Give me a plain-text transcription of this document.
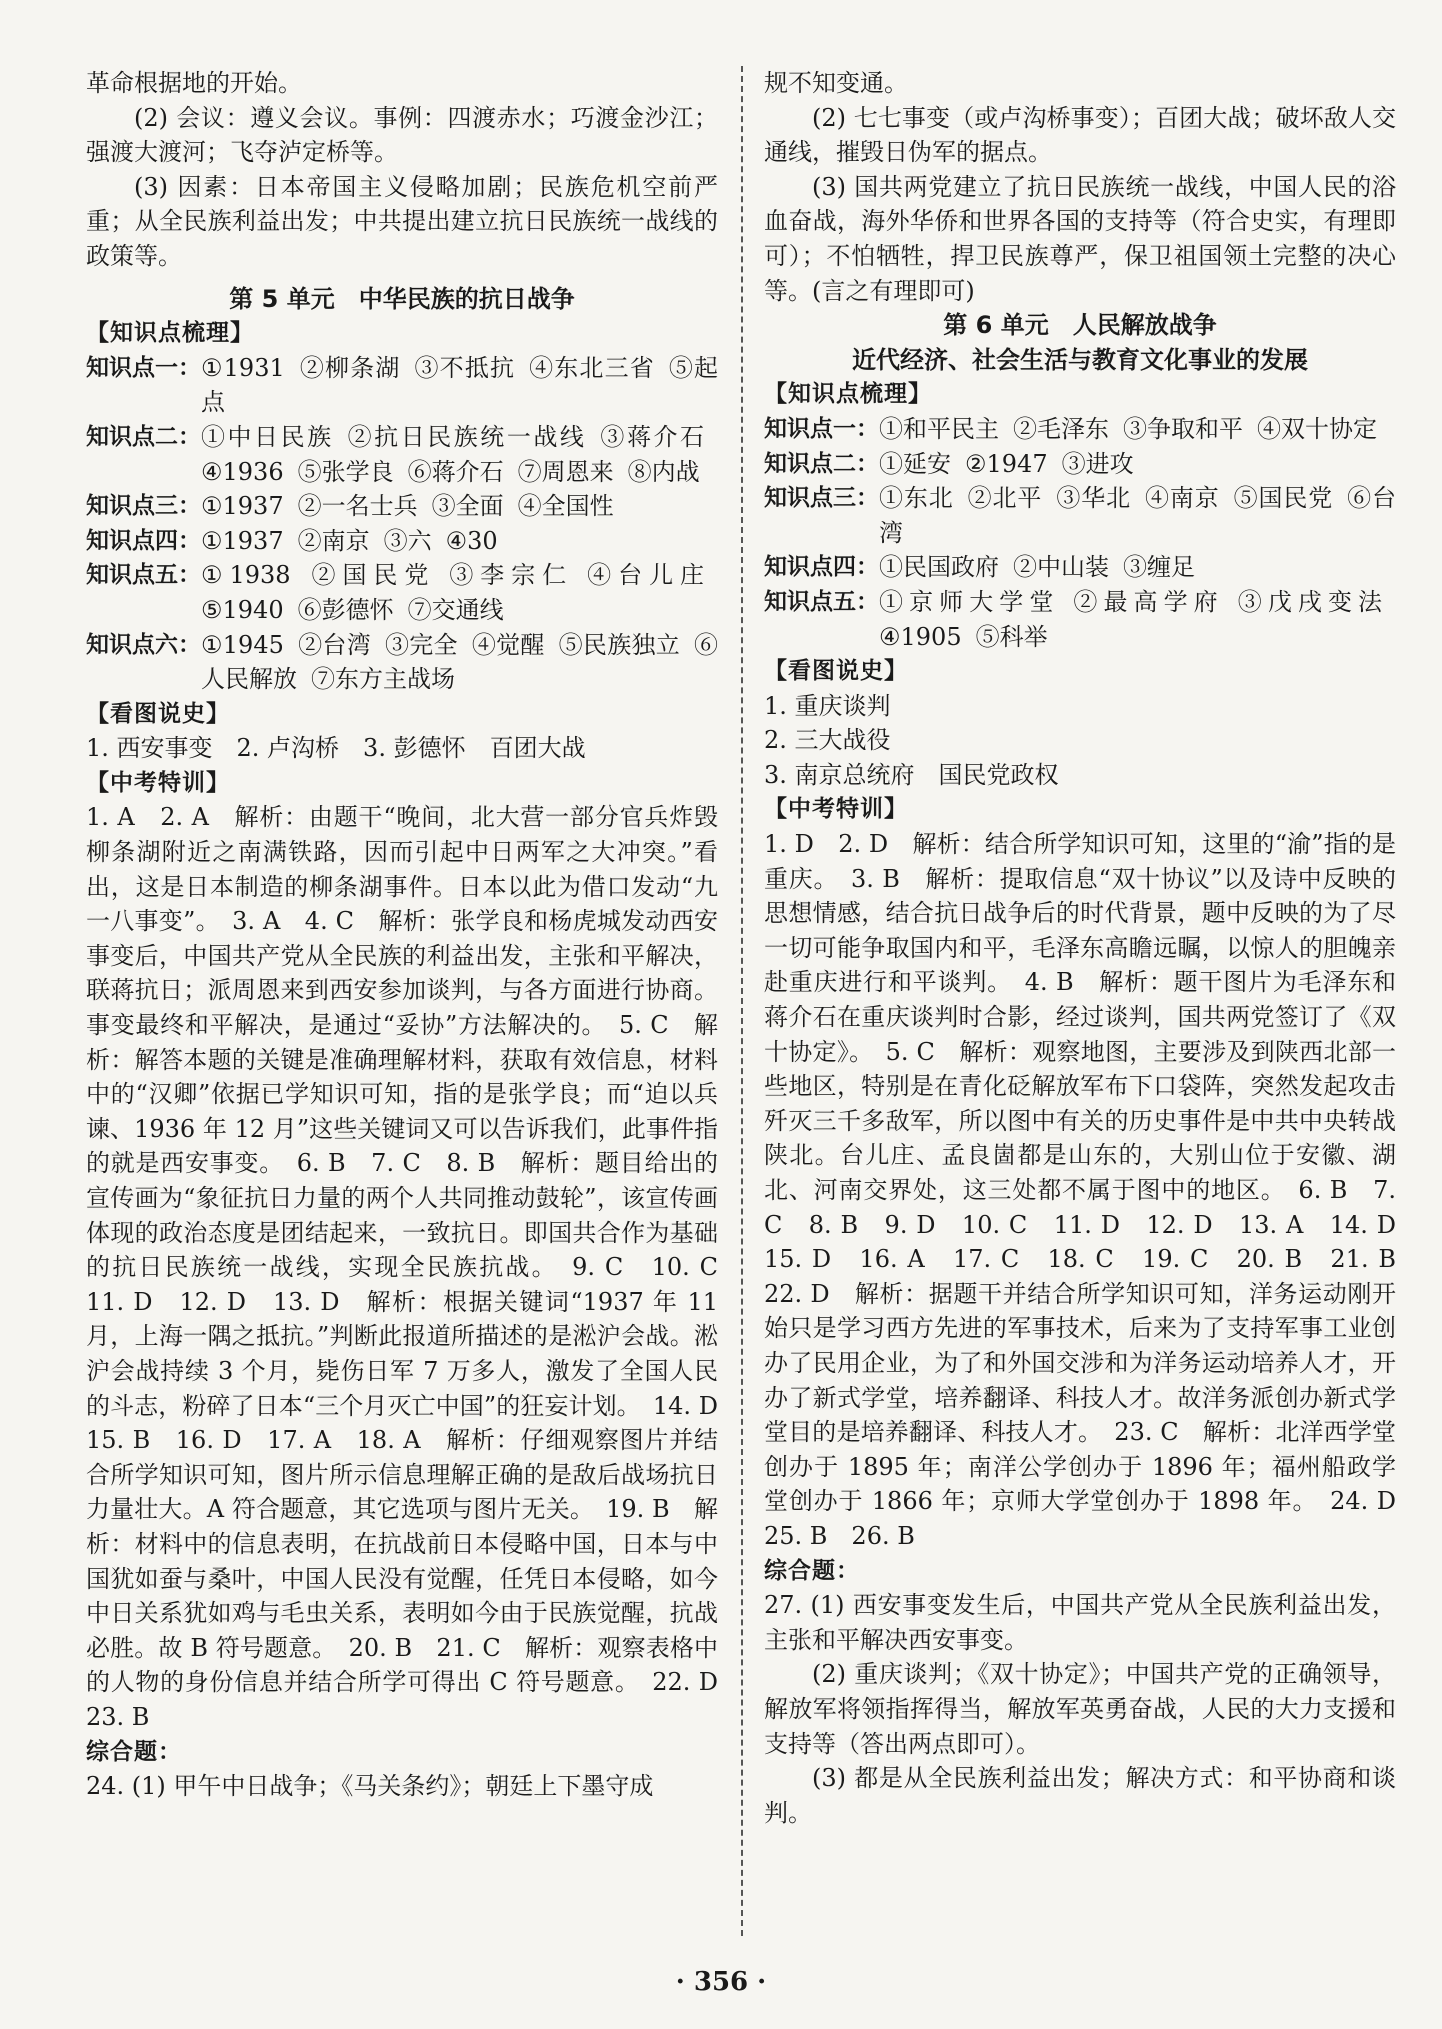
革命根据地的开始。
(2) 会议：遵义会议。事例：四渡赤水；巧渡金沙江；强渡大渡河；飞夺泸定桥等。
(3) 因素：日本帝国主义侵略加剧；民族危机空前严重；从全民族利益出发；中共提出建立抗日民族统一战线的政策等。
第 5 单元　中华民族的抗日战争
【知识点梳理】
知识点一： ①1931 ②柳条湖 ③不抵抗 ④东北三省 ⑤起点
知识点二： ①中日民族 ②抗日民族统一战线 ③蒋介石④1936 ⑤张学良 ⑥蒋介石 ⑦周恩来 ⑧内战
知识点三： ①1937 ②一名士兵 ③全面 ④全国性
知识点四： ①1937 ②南京 ③六 ④30
知识点五： ①1938 ②国民党 ③李宗仁 ④台儿庄⑤1940 ⑥彭德怀 ⑦交通线
知识点六： ①1945 ②台湾 ③完全 ④觉醒 ⑤民族独立 ⑥人民解放 ⑦东方主战场
【看图说史】
1. 西安事变　2. 卢沟桥　3. 彭德怀　百团大战
【中考特训】
1. A　2. A　解析：由题干“晚间，北大营一部分官兵炸毁柳条湖附近之南满铁路，因而引起中日两军之大冲突。”看出，这是日本制造的柳条湖事件。日本以此为借口发动“九一八事变”。　3. A　4. C　解析：张学良和杨虎城发动西安事变后，中国共产党从全民族的利益出发，主张和平解决，联蒋抗日；派周恩来到西安参加谈判，与各方面进行协商。事变最终和平解决，是通过“妥协”方法解决的。　5. C　解析：解答本题的关键是准确理解材料，获取有效信息，材料中的“汉卿”依据已学知识可知，指的是张学良；而“迫以兵谏、1936 年 12 月”这些关键词又可以告诉我们，此事件指的就是西安事变。　6. B　7. C　8. B　解析：题目给出的宣传画为“象征抗日力量的两个人共同推动鼓轮”，该宣传画体现的政治态度是团结起来，一致抗日。即国共合作为基础的抗日民族统一战线，实现全民族抗战。　9. C　10. C　11. D　12. D　13. D　解析：根据关键词“1937 年 11 月，上海一隅之抵抗。”判断此报道所描述的是淞沪会战。淞沪会战持续 3 个月，毙伤日军 7 万多人，激发了全国人民的斗志，粉碎了日本“三个月灭亡中国”的狂妄计划。　14. D　15. B　16. D　17. A　18. A　解析：仔细观察图片并结合所学知识可知，图片所示信息理解正确的是敌后战场抗日力量壮大。A 符合题意，其它选项与图片无关。　19. B　解析：材料中的信息表明，在抗战前日本侵略中国，日本与中国犹如蚕与桑叶，中国人民没有觉醒，任凭日本侵略，如今中日关系犹如鸡与毛虫关系，表明如今由于民族觉醒，抗战必胜。故 B 符号题意。　20. B　21. C　解析：观察表格中的人物的身份信息并结合所学可得出 C 符号题意。　22. D　23. B
综合题：
24. (1) 甲午中日战争；《马关条约》；朝廷上下墨守成
规不知变通。
(2) 七七事变（或卢沟桥事变）；百团大战；破坏敌人交通线，摧毁日伪军的据点。
(3) 国共两党建立了抗日民族统一战线，中国人民的浴血奋战，海外华侨和世界各国的支持等（符合史实，有理即可）；不怕牺牲，捍卫民族尊严，保卫祖国领土完整的决心等。(言之有理即可)
第 6 单元　人民解放战争
近代经济、社会生活与教育文化事业的发展
【知识点梳理】
知识点一： ①和平民主 ②毛泽东 ③争取和平 ④双十协定
知识点二： ①延安 ②1947 ③进攻
知识点三： ①东北 ②北平 ③华北 ④南京 ⑤国民党 ⑥台湾
知识点四： ①民国政府 ②中山装 ③缠足
知识点五： ①京师大学堂 ②最高学府 ③戊戌变法④1905 ⑤科举
【看图说史】
1. 重庆谈判
2. 三大战役
3. 南京总统府　国民党政权
【中考特训】
1. D　2. D　解析：结合所学知识可知，这里的“渝”指的是重庆。　3. B　解析：提取信息“双十协议”以及诗中反映的思想情感，结合抗日战争后的时代背景，题中反映的为了尽一切可能争取国内和平，毛泽东高瞻远瞩，以惊人的胆魄亲赴重庆进行和平谈判。　4. B　解析：题干图片为毛泽东和蒋介石在重庆谈判时合影，经过谈判，国共两党签订了《双十协定》。　5. C　解析：观察地图，主要涉及到陕西北部一些地区，特别是在青化砭解放军布下口袋阵，突然发起攻击歼灭三千多敌军，所以图中有关的历史事件是中共中央转战陕北。台儿庄、孟良崮都是山东的，大别山位于安徽、湖北、河南交界处，这三处都不属于图中的地区。　6. B　7. C　8. B　9. D　10. C　11. D　12. D　13. A　14. D　15. D　16. A　17. C　18. C　19. C　20. B　21. B　22. D　解析：据题干并结合所学知识可知，洋务运动刚开始只是学习西方先进的军事技术，后来为了支持军事工业创办了民用企业，为了和外国交涉和为洋务运动培养人才，开办了新式学堂，培养翻译、科技人才。故洋务派创办新式学堂目的是培养翻译、科技人才。　23. C　解析：北洋西学堂创办于 1895 年；南洋公学创办于 1896 年；福州船政学堂创办于 1866 年；京师大学堂创办于 1898 年。　24. D　25. B　26. B
综合题：
27. (1) 西安事变发生后，中国共产党从全民族利益出发，主张和平解决西安事变。
(2) 重庆谈判；《双十协定》；中国共产党的正确领导，解放军将领指挥得当，解放军英勇奋战，人民的大力支援和支持等（答出两点即可）。
(3) 都是从全民族利益出发；解决方式：和平协商和谈判。
· 356 ·
